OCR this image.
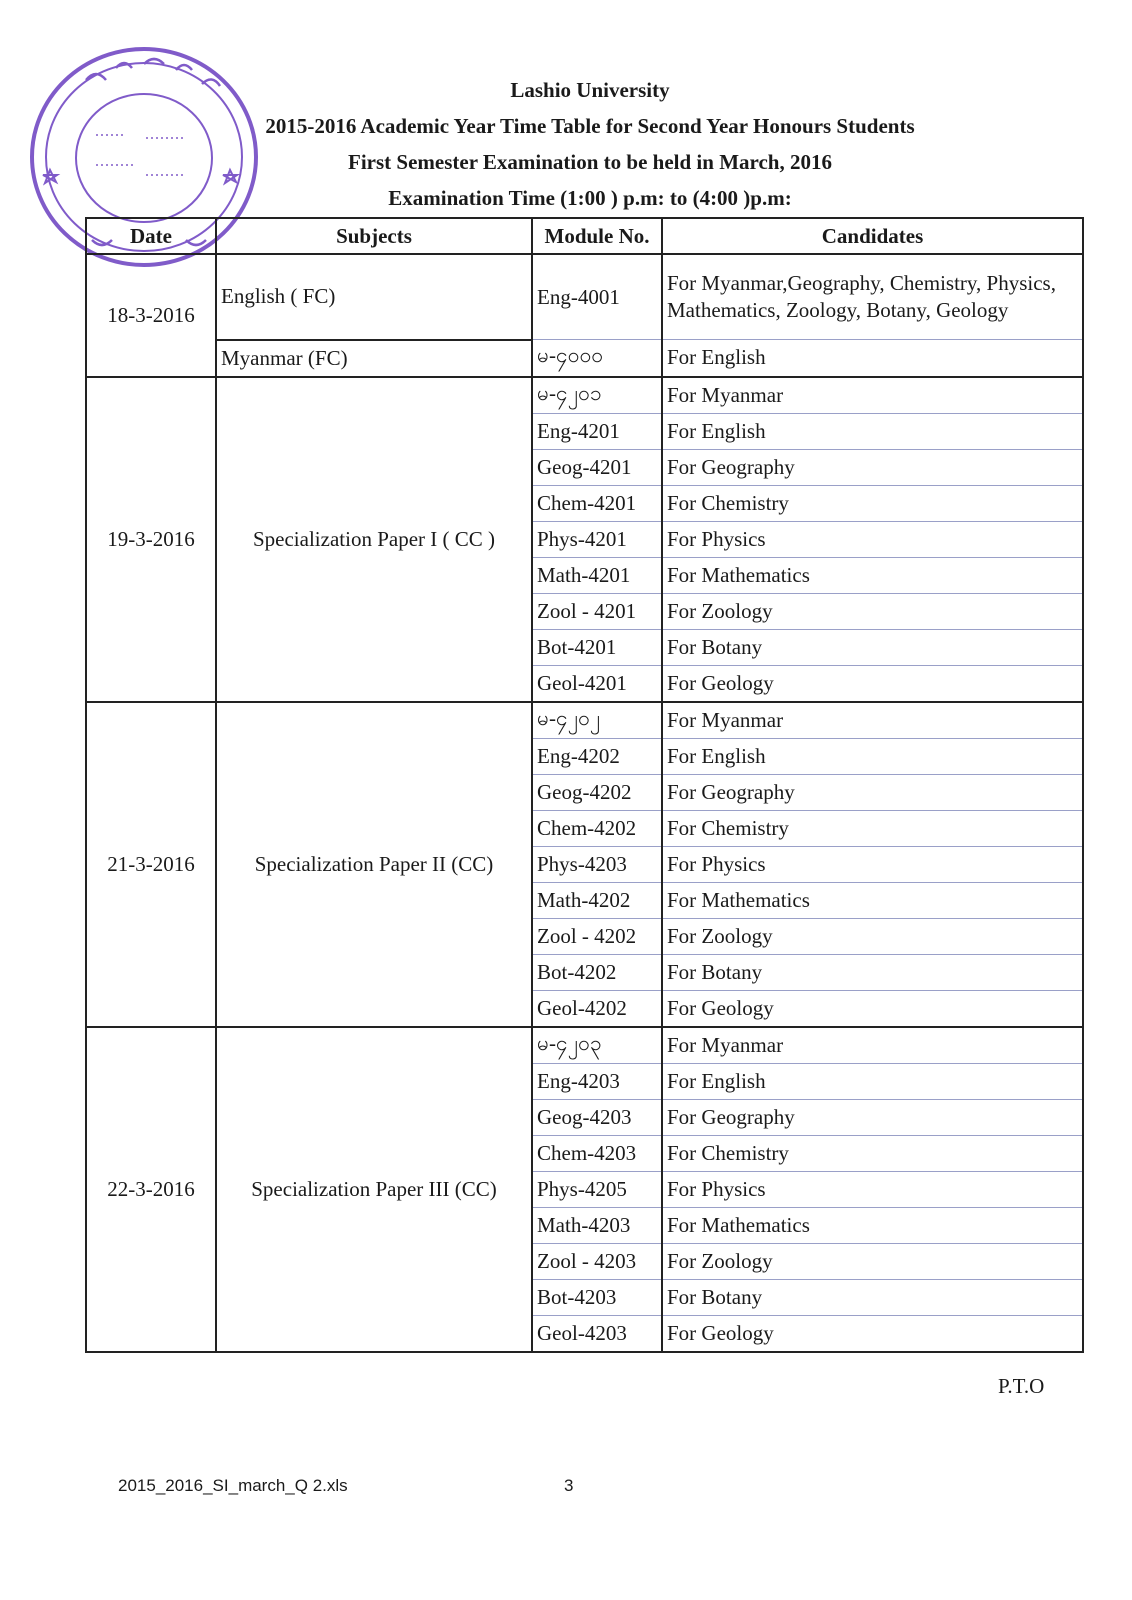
Lashio University
2015-2016 Academic Year Time Table for Second Year Honours Students
First Semester Examination to be held in March, 2016
Examination Time (1:00 ) p.m: to (4:00 )p.m:
Date	Subjects	Module No.	Candidates
18-3-2016	English ( FC)	Eng-4001	For Myanmar,Geography, Chemistry, Physics, Mathematics, Zoology, Botany, Geology
	Myanmar (FC)	မ-၄၀၀၀	For English
19-3-2016	Specialization Paper I ( CC )	မ-၄၂၀၁	For Myanmar
		Eng-4201	For English
		Geog-4201	For Geography
		Chem-4201	For Chemistry
		Phys-4201	For Physics
		Math-4201	For Mathematics
		Zool - 4201	For Zoology
		Bot-4201	For Botany
		Geol-4201	For Geology
21-3-2016	Specialization Paper II (CC)	မ-၄၂၀၂	For Myanmar
		Eng-4202	For English
		Geog-4202	For Geography
		Chem-4202	For Chemistry
		Phys-4203	For Physics
		Math-4202	For Mathematics
		Zool - 4202	For Zoology
		Bot-4202	For Botany
		Geol-4202	For Geology
22-3-2016	Specialization Paper III (CC)	မ-၄၂၀၃	For Myanmar
		Eng-4203	For English
		Geog-4203	For Geography
		Chem-4203	For Chemistry
		Phys-4205	For Physics
		Math-4203	For Mathematics
		Zool - 4203	For Zoology
		Bot-4203	For Botany
		Geol-4203	For Geology
P.T.O
2015_2016_SI_march_Q 2.xls	3
